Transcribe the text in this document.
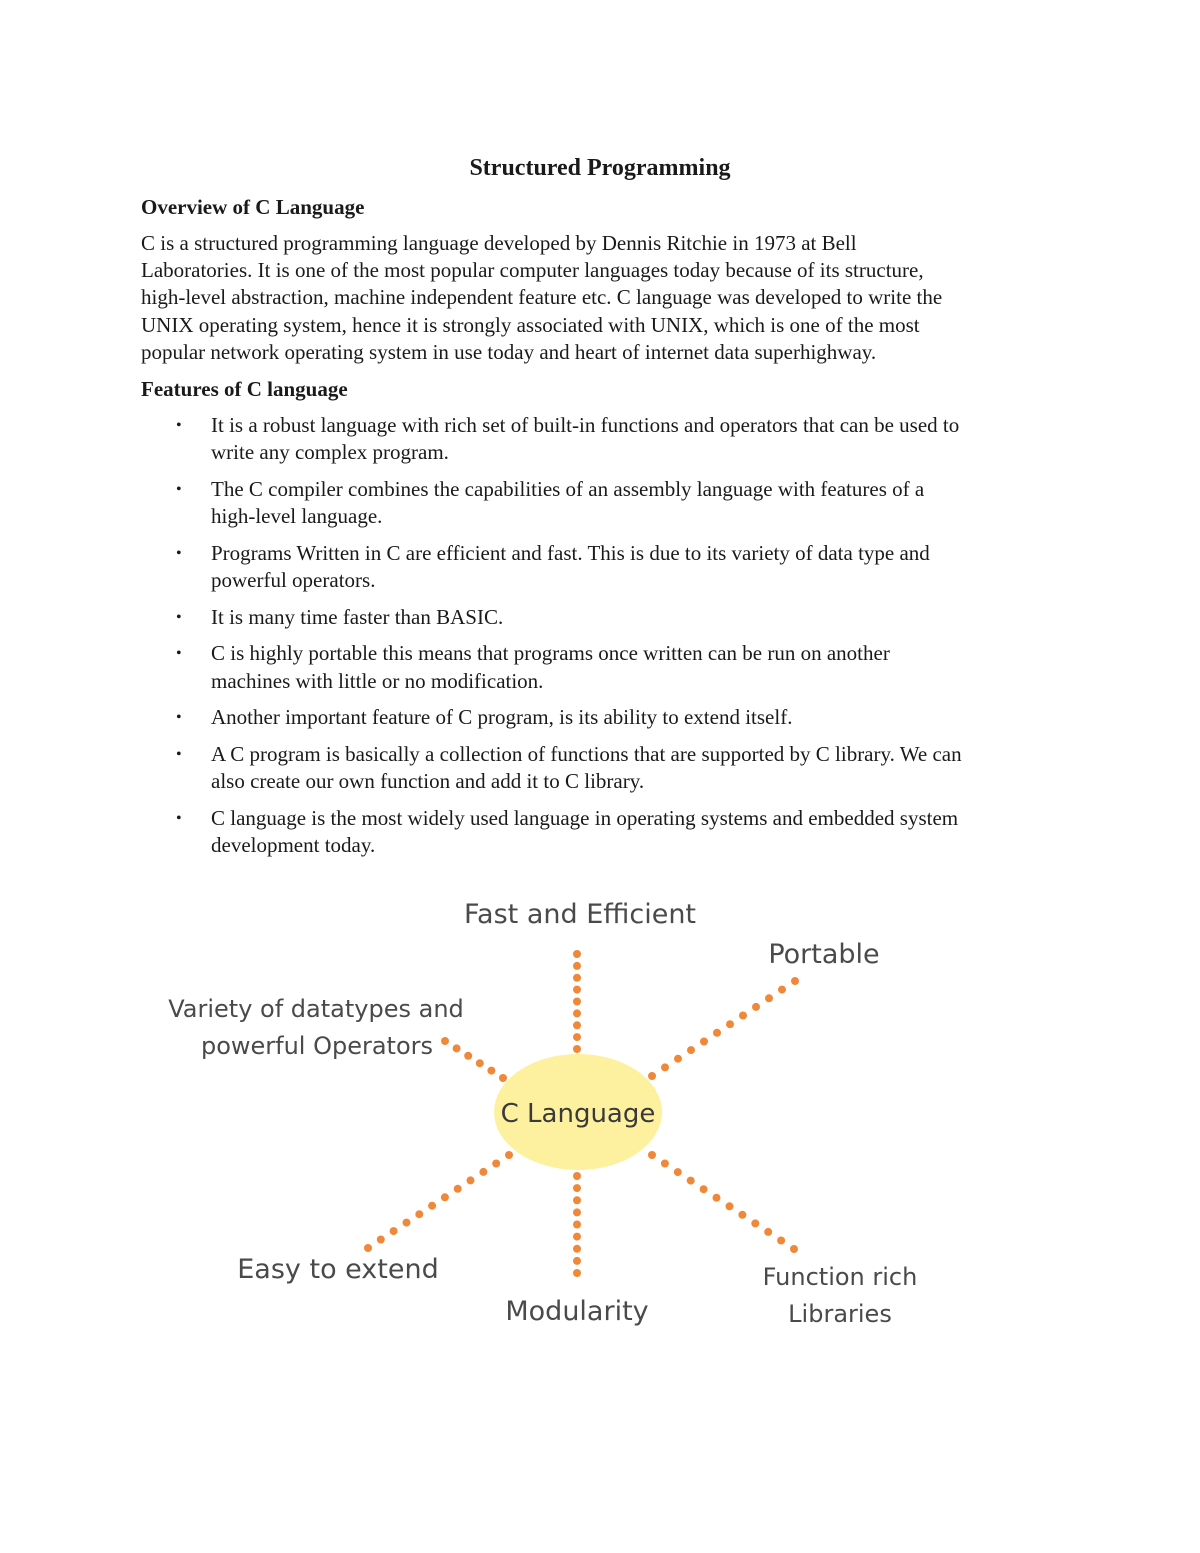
Structured Programming
Overview of C Language
C is a structured programming language developed by Dennis Ritchie in 1973 at Bell
Laboratories. It is one of the most popular computer languages today because of its structure,
high-level abstraction, machine independent feature etc. C language was developed to write the
UNIX operating system, hence it is strongly associated with UNIX, which is one of the most
popular network operating system in use today and heart of internet data superhighway.
Features of C language
• It is a robust language with rich set of built-in functions and operators that can be used to
write any complex program.
• The C compiler combines the capabilities of an assembly language with features of a
high-level language.
• Programs Written in C are efficient and fast. This is due to its variety of data type and
powerful operators.
• It is many time faster than BASIC.
• C is highly portable this means that programs once written can be run on another
machines with little or no modification.
• Another important feature of C program, is its ability to extend itself.
• A C program is basically a collection of functions that are supported by C library. We can
also create our own function and add it to C library.
• C language is the most widely used language in operating systems and embedded system
development today.
C Language
Fast and Efficient
Portable
Variety of datatypes and
powerful Operators
Easy to extend
Modularity
Function rich
Libraries
